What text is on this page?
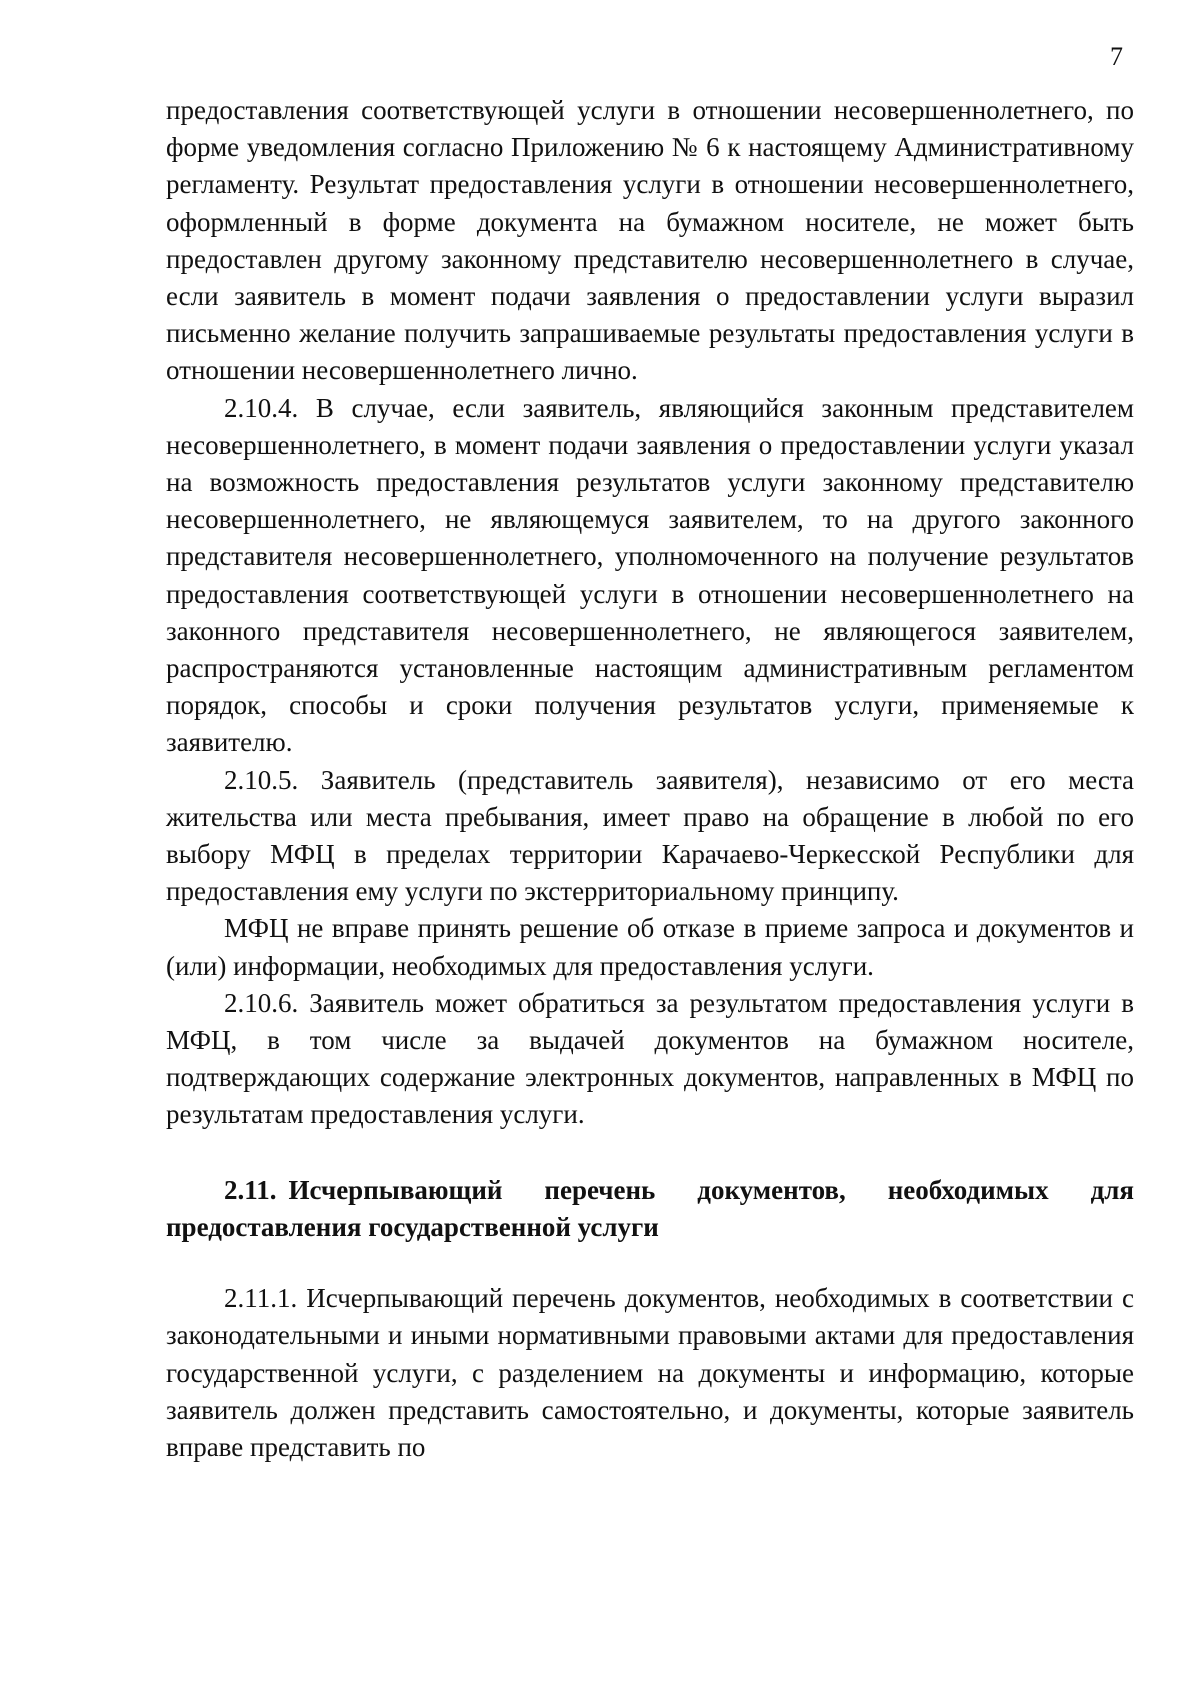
7

предоставления соответствующей услуги в отношении несовершеннолетнего, по форме уведомления согласно Приложению № 6 к настоящему Административному регламенту. Результат предоставления услуги в отношении несовершеннолетнего, оформленный в форме документа на бумажном носителе, не может быть предоставлен другому законному представителю несовершеннолетнего в случае, если заявитель в момент подачи заявления о предоставлении услуги выразил письменно желание получить запрашиваемые результаты предоставления услуги в отношении несовершеннолетнего лично.

2.10.4. В случае, если заявитель, являющийся законным представителем несовершеннолетнего, в момент подачи заявления о предоставлении услуги указал на возможность предоставления результатов услуги законному представителю несовершеннолетнего, не являющемуся заявителем, то на другого законного представителя несовершеннолетнего, уполномоченного на получение результатов предоставления соответствующей услуги в отношении несовершеннолетнего на законного представителя несовершеннолетнего, не являющегося заявителем, распространяются установленные настоящим административным регламентом порядок, способы и сроки получения результатов услуги, применяемые к заявителю.

2.10.5. Заявитель (представитель заявителя), независимо от его места жительства или места пребывания, имеет право на обращение в любой по его выбору МФЦ в пределах территории Карачаево-Черкесской Республики для предоставления ему услуги по экстерриториальному принципу.

МФЦ не вправе принять решение об отказе в приеме запроса и документов и (или) информации, необходимых для предоставления услуги.

2.10.6. Заявитель может обратиться за результатом предоставления услуги в МФЦ, в том числе за выдачей документов на бумажном носителе, подтверждающих содержание электронных документов, направленных в МФЦ по результатам предоставления услуги.

2.11. Исчерпывающий перечень документов, необходимых для предоставления государственной услуги

2.11.1. Исчерпывающий перечень документов, необходимых в соответствии с законодательными и иными нормативными правовыми актами для предоставления государственной услуги, с разделением на документы и информацию, которые заявитель должен представить самостоятельно, и документы, которые заявитель вправе представить по
